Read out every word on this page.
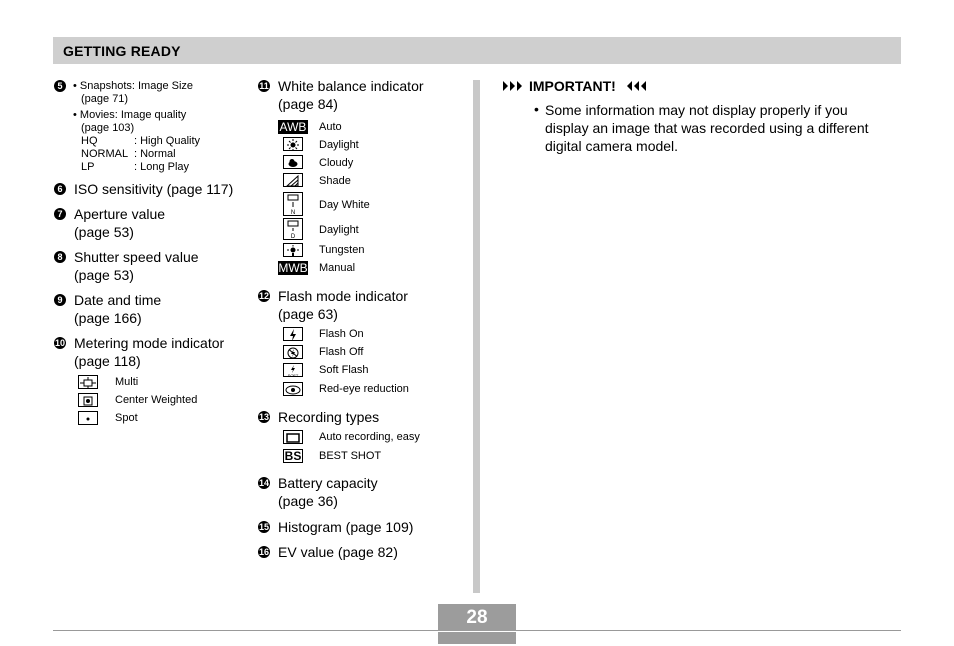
GETTING READY
5 • Snapshots: Image Size
(page 71)
• Movies: Image quality
(page 103)
HQ	: High Quality
NORMAL : Normal
LP	: Long Play
6 ISO sensitivity (page 117)
7 Aperture value
(page 53)
8 Shutter speed value
(page 53)
9 Date and time
(page 166)
10 Metering mode indicator
(page 118)
Multi
Center Weighted
Spot
11 White balance indicator
(page 84)
AWB Auto
Daylight
Cloudy
Shade
N
Day White
D
Daylight
Tungsten
MWB Manual
12 Flash mode indicator
(page 63)
Flash On
Flash Off
SOFT Soft Flash
Red-eye reduction
13 Recording types
Auto recording, easy
BS BEST SHOT
14 Battery capacity
(page 36)
15 Histogram (page 109)
16 EV value (page 82)
IMPORTANT!
• Some information may not display properly if you
display an image that was recorded using a different
digital camera model.
28
